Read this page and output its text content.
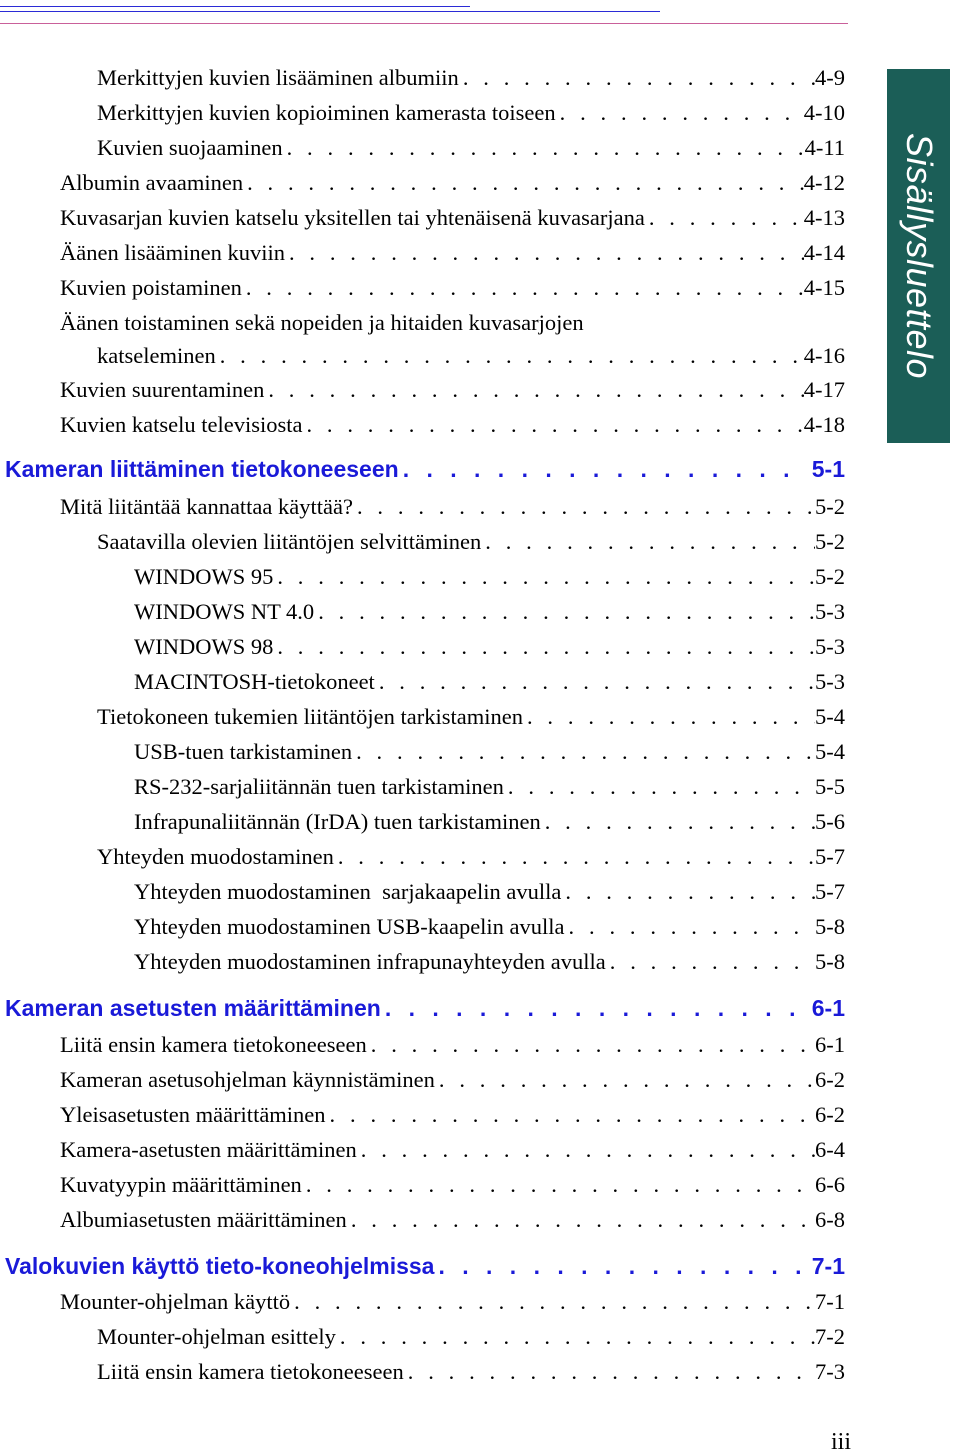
Merkittyjen kuvien lisääminen albumiin . . .	4-9
Merkittyjen kuvien kopioiminen kamerasta toiseen . . .	4-10
Kuvien suojaaminen . . .	4-11
Albumin avaaminen . . .	4-12
Kuvasarjan kuvien katselu yksitellen tai yhtenäisenä kuvasarjana . . .	4-13
Äänen lisääminen kuviin . . .	4-14
Kuvien poistaminen . . .	4-15
Äänen toistaminen sekä nopeiden ja hitaiden kuvasarjojen
katseleminen . . .	4-16
Kuvien suurentaminen . . .	4-17
Kuvien katselu televisiosta . . .	4-18
Kameran liittäminen tietokoneeseen . . .	5-1
Mitä liitäntää kannattaa käyttää? . . .	5-2
Saatavilla olevien liitäntöjen selvittäminen . . .	5-2
WINDOWS 95 . . .	5-2
WINDOWS NT 4.0 . . .	5-3
WINDOWS 98 . . .	5-3
MACINTOSH-tietokoneet . . .	5-3
Tietokoneen tukemien liitäntöjen tarkistaminen . . .	5-4
USB-tuen tarkistaminen . . .	5-4
RS-232-sarjaliitännän tuen tarkistaminen . . .	5-5
Infrapunaliitännän (IrDA) tuen tarkistaminen . . .	5-6
Yhteyden muodostaminen . . .	5-7
Yhteyden muodostaminen  sarjakaapelin avulla . . .	5-7
Yhteyden muodostaminen USB-kaapelin avulla . . .	5-8
Yhteyden muodostaminen infrapunayhteyden avulla . . .	5-8
Kameran asetusten määrittäminen . . .	6-1
Liitä ensin kamera tietokoneeseen . . .	6-1
Kameran asetusohjelman käynnistäminen . . .	6-2
Yleisasetusten määrittäminen . . .	6-2
Kamera-asetusten määrittäminen . . .	6-4
Kuvatyypin määrittäminen . . .	6-6
Albumiasetusten määrittäminen . . .	6-8
Valokuvien käyttö tieto-koneohjelmissa . . .	7-1
Mounter-ohjelman käyttö . . .	7-1
Mounter-ohjelman esittely . . .	7-2
Liitä ensin kamera tietokoneeseen . . .	7-3
Sisällysluettelo
iii
